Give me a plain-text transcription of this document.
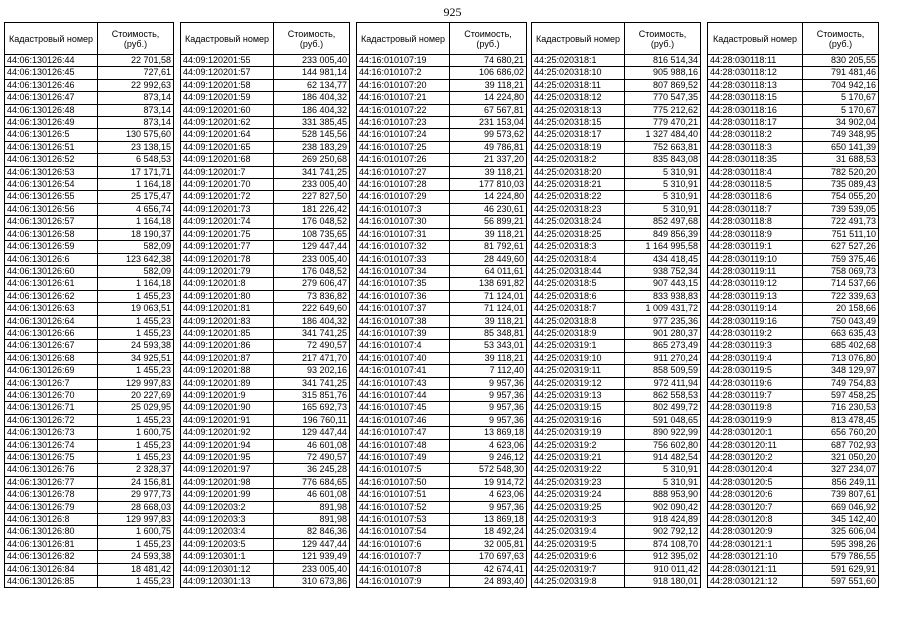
925
Кадастровый номер	Стоимость, (руб.)
44:06:130126:44	22 701,58
44:06:130126:45	727,61
44:06:130126:46	22 992,63
44:06:130126:47	873,14
44:06:130126:48	873,14
44:06:130126:49	873,14
44:06:130126:5	130 575,60
44:06:130126:51	23 138,15
44:06:130126:52	6 548,53
44:06:130126:53	17 171,71
44:06:130126:54	1 164,18
44:06:130126:55	25 175,47
44:06:130126:56	4 656,74
44:06:130126:57	1 164,18
44:06:130126:58	18 190,37
44:06:130126:59	582,09
44:06:130126:6	123 642,38
44:06:130126:60	582,09
44:06:130126:61	1 164,18
44:06:130126:62	1 455,23
44:06:130126:63	19 063,51
44:06:130126:64	1 455,23
44:06:130126:66	1 455,23
44:06:130126:67	24 593,38
44:06:130126:68	34 925,51
44:06:130126:69	1 455,23
44:06:130126:7	129 997,83
44:06:130126:70	20 227,69
44:06:130126:71	25 029,95
44:06:130126:72	1 455,23
44:06:130126:73	1 600,75
44:06:130126:74	1 455,23
44:06:130126:75	1 455,23
44:06:130126:76	2 328,37
44:06:130126:77	24 156,81
44:06:130126:78	29 977,73
44:06:130126:79	28 668,03
44:06:130126:8	129 997,83
44:06:130126:80	1 600,75
44:06:130126:81	1 455,23
44:06:130126:82	24 593,38
44:06:130126:84	18 481,42
44:06:130126:85	1 455,23
Кадастровый номер	Стоимость, (руб.)
44:09:120201:55	233 005,40
44:09:120201:57	144 981,14
44:09:120201:58	62 134,77
44:09:120201:59	186 404,32
44:09:120201:60	186 404,32
44:09:120201:62	331 385,45
44:09:120201:64	528 145,56
44:09:120201:65	238 183,29
44:09:120201:68	269 250,68
44:09:120201:7	341 741,25
44:09:120201:70	233 005,40
44:09:120201:72	227 827,50
44:09:120201:73	181 226,42
44:09:120201:74	176 048,52
44:09:120201:75	108 735,65
44:09:120201:77	129 447,44
44:09:120201:78	233 005,40
44:09:120201:79	176 048,52
44:09:120201:8	279 606,47
44:09:120201:80	73 836,82
44:09:120201:81	222 649,60
44:09:120201:83	186 404,32
44:09:120201:85	341 741,25
44:09:120201:86	72 490,57
44:09:120201:87	217 471,70
44:09:120201:88	93 202,16
44:09:120201:89	341 741,25
44:09:120201:9	315 851,76
44:09:120201:90	165 692,73
44:09:120201:91	196 760,11
44:09:120201:92	129 447,44
44:09:120201:94	46 601,08
44:09:120201:95	72 490,57
44:09:120201:97	36 245,28
44:09:120201:98	776 684,65
44:09:120201:99	46 601,08
44:09:120203:2	891,98
44:09:120203:3	891,98
44:09:120203:4	82 846,36
44:09:120203:5	129 447,44
44:09:120301:1	121 939,49
44:09:120301:12	233 005,40
44:09:120301:13	310 673,86
Кадастровый номер	Стоимость, (руб.)
44:16:010107:19	74 680,21
44:16:010107:2	106 686,02
44:16:010107:20	39 118,21
44:16:010107:21	14 224,80
44:16:010107:22	67 567,81
44:16:010107:23	231 153,04
44:16:010107:24	99 573,62
44:16:010107:25	49 786,81
44:16:010107:26	21 337,20
44:16:010107:27	39 118,21
44:16:010107:28	177 810,03
44:16:010107:29	14 224,80
44:16:010107:3	46 230,61
44:16:010107:30	56 899,21
44:16:010107:31	39 118,21
44:16:010107:32	81 792,61
44:16:010107:33	28 449,60
44:16:010107:34	64 011,61
44:16:010107:35	138 691,82
44:16:010107:36	71 124,01
44:16:010107:37	71 124,01
44:16:010107:38	39 118,21
44:16:010107:39	85 348,81
44:16:010107:4	53 343,01
44:16:010107:40	39 118,21
44:16:010107:41	7 112,40
44:16:010107:43	9 957,36
44:16:010107:44	9 957,36
44:16:010107:45	9 957,36
44:16:010107:46	9 957,36
44:16:010107:47	13 869,18
44:16:010107:48	4 623,06
44:16:010107:49	9 246,12
44:16:010107:5	572 548,30
44:16:010107:50	19 914,72
44:16:010107:51	4 623,06
44:16:010107:52	9 957,36
44:16:010107:53	13 869,18
44:16:010107:54	18 492,24
44:16:010107:6	32 005,81
44:16:010107:7	170 697,63
44:16:010107:8	42 674,41
44:16:010107:9	24 893,40
Кадастровый номер	Стоимость, (руб.)
44:25:020318:1	816 514,34
44:25:020318:10	905 988,16
44:25:020318:11	807 869,52
44:25:020318:12	770 547,35
44:25:020318:13	775 212,62
44:25:020318:15	779 470,21
44:25:020318:17	1 327 484,40
44:25:020318:19	752 663,81
44:25:020318:2	835 843,08
44:25:020318:20	5 310,91
44:25:020318:21	5 310,91
44:25:020318:22	5 310,91
44:25:020318:23	5 310,91
44:25:020318:24	852 497,68
44:25:020318:25	849 856,39
44:25:020318:3	1 164 995,58
44:25:020318:4	434 418,45
44:25:020318:44	938 752,34
44:25:020318:5	907 443,15
44:25:020318:6	833 938,83
44:25:020318:7	1 009 431,72
44:25:020318:8	977 235,36
44:25:020318:9	901 280,37
44:25:020319:1	865 273,49
44:25:020319:10	911 270,24
44:25:020319:11	858 509,59
44:25:020319:12	972 411,94
44:25:020319:13	862 558,53
44:25:020319:15	802 499,72
44:25:020319:16	591 048,65
44:25:020319:19	890 922,99
44:25:020319:2	756 602,80
44:25:020319:21	914 482,54
44:25:020319:22	5 310,91
44:25:020319:23	5 310,91
44:25:020319:24	888 953,90
44:25:020319:25	902 090,42
44:25:020319:3	918 424,89
44:25:020319:4	902 792,12
44:25:020319:5	874 108,70
44:25:020319:6	912 395,02
44:25:020319:7	910 011,42
44:25:020319:8	918 180,01
Кадастровый номер	Стоимость, (руб.)
44:28:030118:11	830 205,55
44:28:030118:12	791 481,46
44:28:030118:13	704 942,16
44:28:030118:15	5 170,67
44:28:030118:16	5 170,67
44:28:030118:17	34 902,04
44:28:030118:2	749 348,95
44:28:030118:3	650 141,39
44:28:030118:35	31 688,53
44:28:030118:4	782 520,20
44:28:030118:5	735 089,43
44:28:030118:6	754 055,20
44:28:030118:7	739 539,05
44:28:030118:8	722 491,73
44:28:030118:9	751 511,10
44:28:030119:1	627 527,26
44:28:030119:10	759 375,46
44:28:030119:11	758 069,73
44:28:030119:12	714 537,66
44:28:030119:13	722 339,63
44:28:030119:14	20 158,66
44:28:030119:16	750 043,49
44:28:030119:2	663 635,43
44:28:030119:3	685 402,68
44:28:030119:4	713 076,80
44:28:030119:5	348 129,97
44:28:030119:6	749 754,83
44:28:030119:7	597 458,25
44:28:030119:8	716 230,53
44:28:030119:9	813 478,45
44:28:030120:1	656 760,20
44:28:030120:11	687 702,93
44:28:030120:2	321 050,20
44:28:030120:4	327 234,07
44:28:030120:5	856 249,11
44:28:030120:6	739 807,61
44:28:030120:7	669 046,92
44:28:030120:8	345 142,40
44:28:030120:9	325 606,04
44:28:030121:1	595 398,26
44:28:030121:10	579 786,55
44:28:030121:11	591 629,91
44:28:030121:12	597 551,60
